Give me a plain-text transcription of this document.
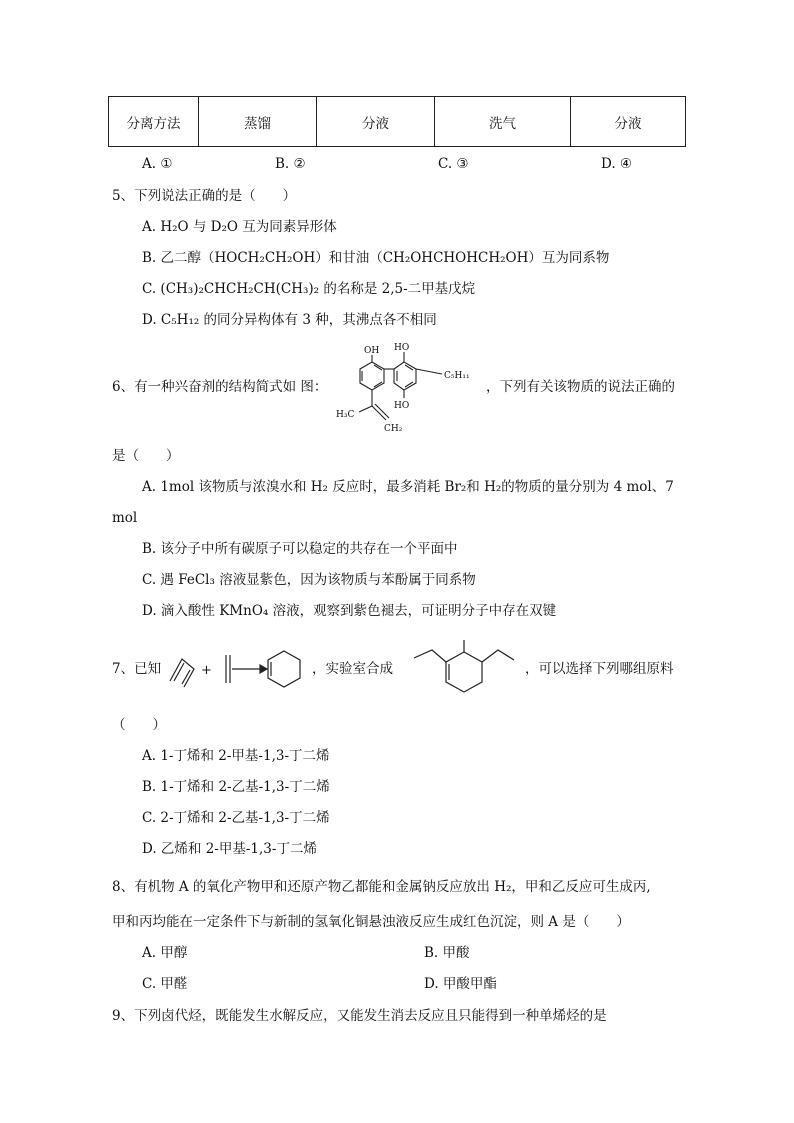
分离方法	蒸馏	分液	洗气	分液
A. ①	B. ②	C. ③	D. ④
5、下列说法正确的是（　　）
A. H₂O 与 D₂O 互为同素异形体
B. 乙二醇（HOCH₂CH₂OH）和甘油（CH₂OHCHOHCH₂OH）互为同系物
C. (CH₃)₂CHCH₂CH(CH₃)₂ 的名称是 2,5-二甲基戊烷
D. C₅H₁₂ 的同分异构体有 3 种，其沸点各不相同
6、有一种兴奋剂的结构简式如 图：
OH HO
HO
C₅H₁₁
H₃C
CH₂
，下列有关该物质的说法正确的
是（　　）
A. 1mol 该物质与浓溴水和 H₂ 反应时，最多消耗 Br₂和 H₂的物质的量分别为 4 mol、7
mol
B. 该分子中所有碳原子可以稳定的共存在一个平面中
C. 遇 FeCl₃ 溶液显紫色，因为该物质与苯酚属于同系物
D. 滴入酸性 KMnO₄ 溶液，观察到紫色褪去，可证明分子中存在双键
7、已知	+	，实验室合成	，可以选择下列哪组原料
（　　）
A. 1-丁烯和 2-甲基-1,3-丁二烯
B. 1-丁烯和 2-乙基-1,3-丁二烯
C. 2-丁烯和 2-乙基-1,3-丁二烯
D. 乙烯和 2-甲基-1,3-丁二烯
8、有机物 A 的氧化产物甲和还原产物乙都能和金属钠反应放出 H₂，甲和乙反应可生成丙,
甲和丙均能在一定条件下与新制的氢氧化铜悬浊液反应生成红色沉淀，则 A 是（　　）
A. 甲醇	B. 甲酸
C. 甲醛	D. 甲酸甲酯
9、下列卤代烃，既能发生水解反应，又能发生消去反应且只能得到一种单烯烃的是
